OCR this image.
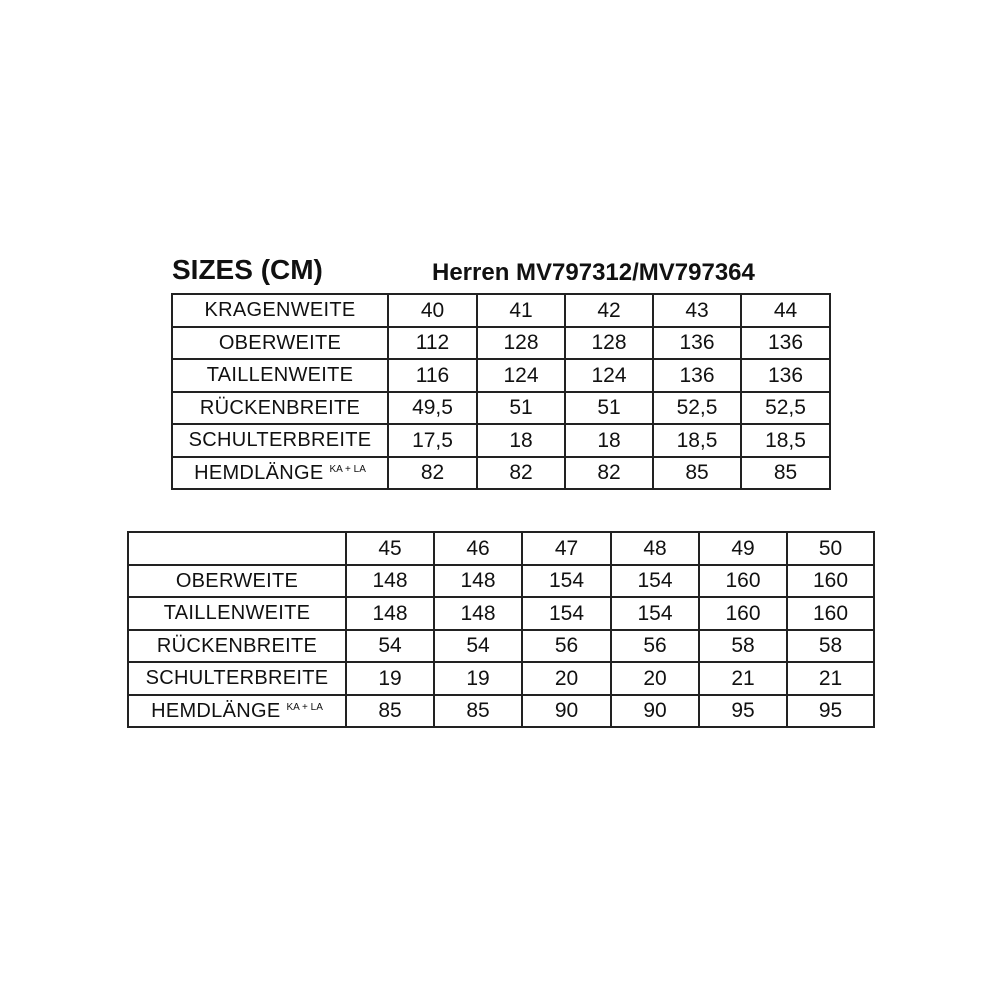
SIZES (CM)	Herren MV797312/MV797364
KRAGENWEITE	40	41	42	43	44
OBERWEITE	112	128	128	136	136
TAILLENWEITE	116	124	124	136	136
RÜCKENBREITE	49,5	51	51	52,5	52,5
SCHULTERBREITE	17,5	18	18	18,5	18,5
HEMDLÄNGE $^{KA + LA}$	82	82	82	85	85
	45	46	47	48	49	50
OBERWEITE	148	148	154	154	160	160
TAILLENWEITE	148	148	154	154	160	160
RÜCKENBREITE	54	54	56	56	58	58
SCHULTERBREITE	19	19	20	20	21	21
HEMDLÄNGE $^{KA + LA}$	85	85	90	90	95	95
